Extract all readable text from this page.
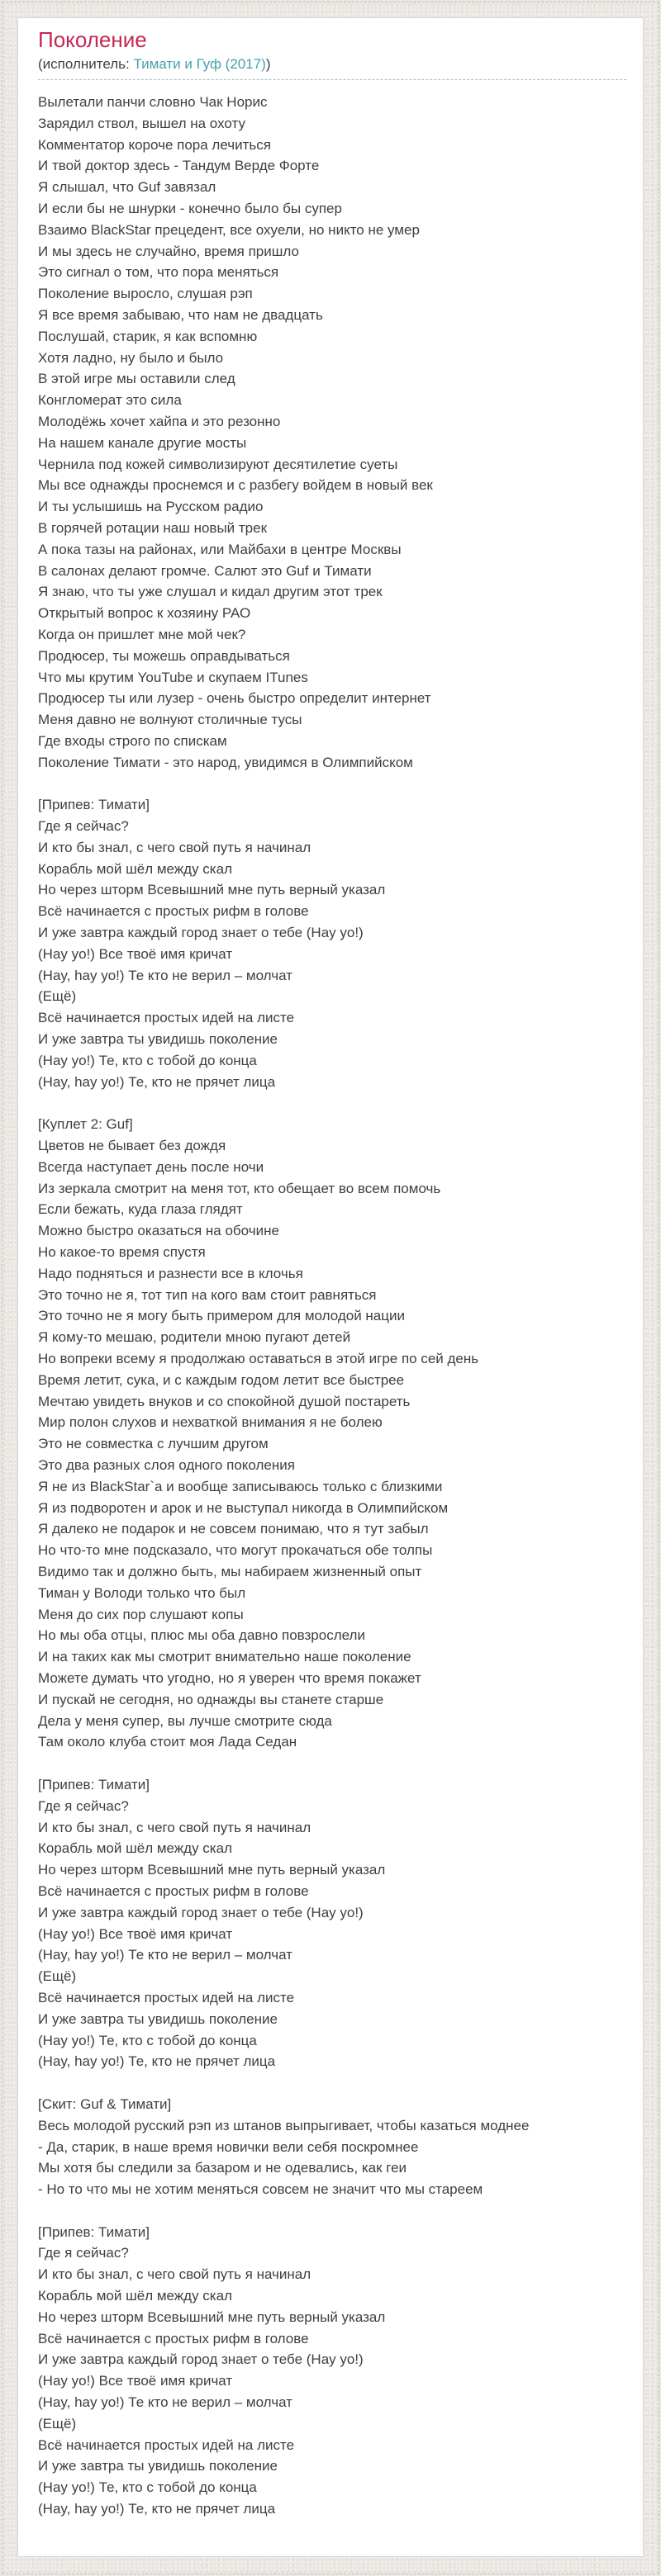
Поколение
(исполнитель: Тимати и Гуф (2017))
Вылетали панчи словно Чак Норис
Зарядил ствол, вышел на охоту
Комментатор короче пора лечиться
И твой доктор здесь - Тандум Верде Форте
Я слышал, что Guf завязал
И если бы не шнурки - конечно было бы супер
Взаимо BlackStar прецедент, все охуели, но никто не умер
И мы здесь не случайно, время пришло
Это сигнал о том, что пора меняться
Поколение выросло, слушая рэп
Я все время забываю, что нам не двадцать
Послушай, старик, я как вспомню
Хотя ладно, ну было и было
В этой игре мы оставили след
Конгломерат это сила
Молодёжь хочет хайпа и это резонно
На нашем канале другие мосты
Чернила под кожей символизируют десятилетие суеты
Мы все однажды проснемся и с разбегу войдем в новый век
И ты услышишь на Русском радио
В горячей ротации наш новый трек
А пока тазы на районах, или Майбахи в центре Москвы
В салонах делают громче. Салют это Guf и Тимати
Я знаю, что ты уже слушал и кидал другим этот трек
Открытый вопрос к хозяину РАО
Когда он пришлет мне мой чек?
Продюсер, ты можешь оправдываться
Что мы крутим YouTube и скупаем ITunes
Продюсер ты или лузер - очень быстро определит интернет
Меня давно не волнуют столичные тусы
Где входы строго по спискам
Поколение Тимати - это народ, увидимся в Олимпийском

[Припев: Тимати]
Где я сейчас?
И кто бы знал, с чего свой путь я начинал
Корабль мой шёл между скал
Но через шторм Всевышний мне путь верный указал
Всё начинается с простых рифм в голове
И уже завтра каждый город знает о тебе (Hay yo!)
(Hay yo!) Все твоё имя кричат
(Hay, hay yo!) Те кто не верил – молчат
(Ещё)
Всё начинается простых идей на листе
И уже завтра ты увидишь поколение
(Hay yo!) Те, кто с тобой до конца
(Hay, hay yo!) Те, кто не прячет лица

[Куплет 2: Guf]
Цветов не бывает без дождя
Всегда наступает день после ночи
Из зеркала смотрит на меня тот, кто обещает во всем помочь
Если бежать, куда глаза глядят
Можно быстро оказаться на обочине
Но какое-то время спустя
Надо подняться и разнести все в клочья
Это точно не я, тот тип на кого вам стоит равняться
Это точно не я могу быть примером для молодой нации
Я кому-то мешаю, родители мною пугают детей
Но вопреки всему я продолжаю оставаться в этой игре по сей день
Время летит, сука, и с каждым годом летит все быстрее
Мечтаю увидеть внуков и со спокойной душой постареть
Мир полон слухов и нехваткой внимания я не болею
Это не совместка с лучшим другом
Это два разных слоя одного поколения
Я не из BlackStar`а и вообще записываюсь только с близкими
Я из подворотен и арок и не выступал никогда в Олимпийском
Я далеко не подарок и не совсем понимаю, что я тут забыл
Но что-то мне подсказало, что могут прокачаться обе толпы
Видимо так и должно быть, мы набираем жизненный опыт
Тиман у Володи только что был
Меня до сих пор слушают копы
Но мы оба отцы, плюс мы оба давно повзрослели
И на таких как мы смотрит внимательно наше поколение
Можете думать что угодно, но я уверен что время покажет
И пускай не сегодня, но однажды вы станете старше
Дела у меня супер, вы лучше смотрите сюда
Там около клуба стоит моя Лада Седан

[Припев: Тимати]
Где я сейчас?
И кто бы знал, с чего свой путь я начинал
Корабль мой шёл между скал
Но через шторм Всевышний мне путь верный указал
Всё начинается с простых рифм в голове
И уже завтра каждый город знает о тебе (Hay yo!)
(Hay yo!) Все твоё имя кричат
(Hay, hay yo!) Те кто не верил – молчат
(Ещё)
Всё начинается простых идей на листе
И уже завтра ты увидишь поколение
(Hay yo!) Те, кто с тобой до конца
(Hay, hay yo!) Те, кто не прячет лица

[Скит: Guf & Тимати]
Весь молодой русский рэп из штанов выпрыгивает, чтобы казаться моднее
- Да, старик, в наше время новички вели себя поскромнее
Мы хотя бы следили за базаром и не одевались, как геи
- Но то что мы не хотим меняться совсем не значит что мы стареем

[Припев: Тимати]
Где я сейчас?
И кто бы знал, с чего свой путь я начинал
Корабль мой шёл между скал
Но через шторм Всевышний мне путь верный указал
Всё начинается с простых рифм в голове
И уже завтра каждый город знает о тебе (Hay yo!)
(Hay yo!) Все твоё имя кричат
(Hay, hay yo!) Те кто не верил – молчат
(Ещё)
Всё начинается простых идей на листе
И уже завтра ты увидишь поколение
(Hay yo!) Те, кто с тобой до конца
(Hay, hay yo!) Те, кто не прячет лица
